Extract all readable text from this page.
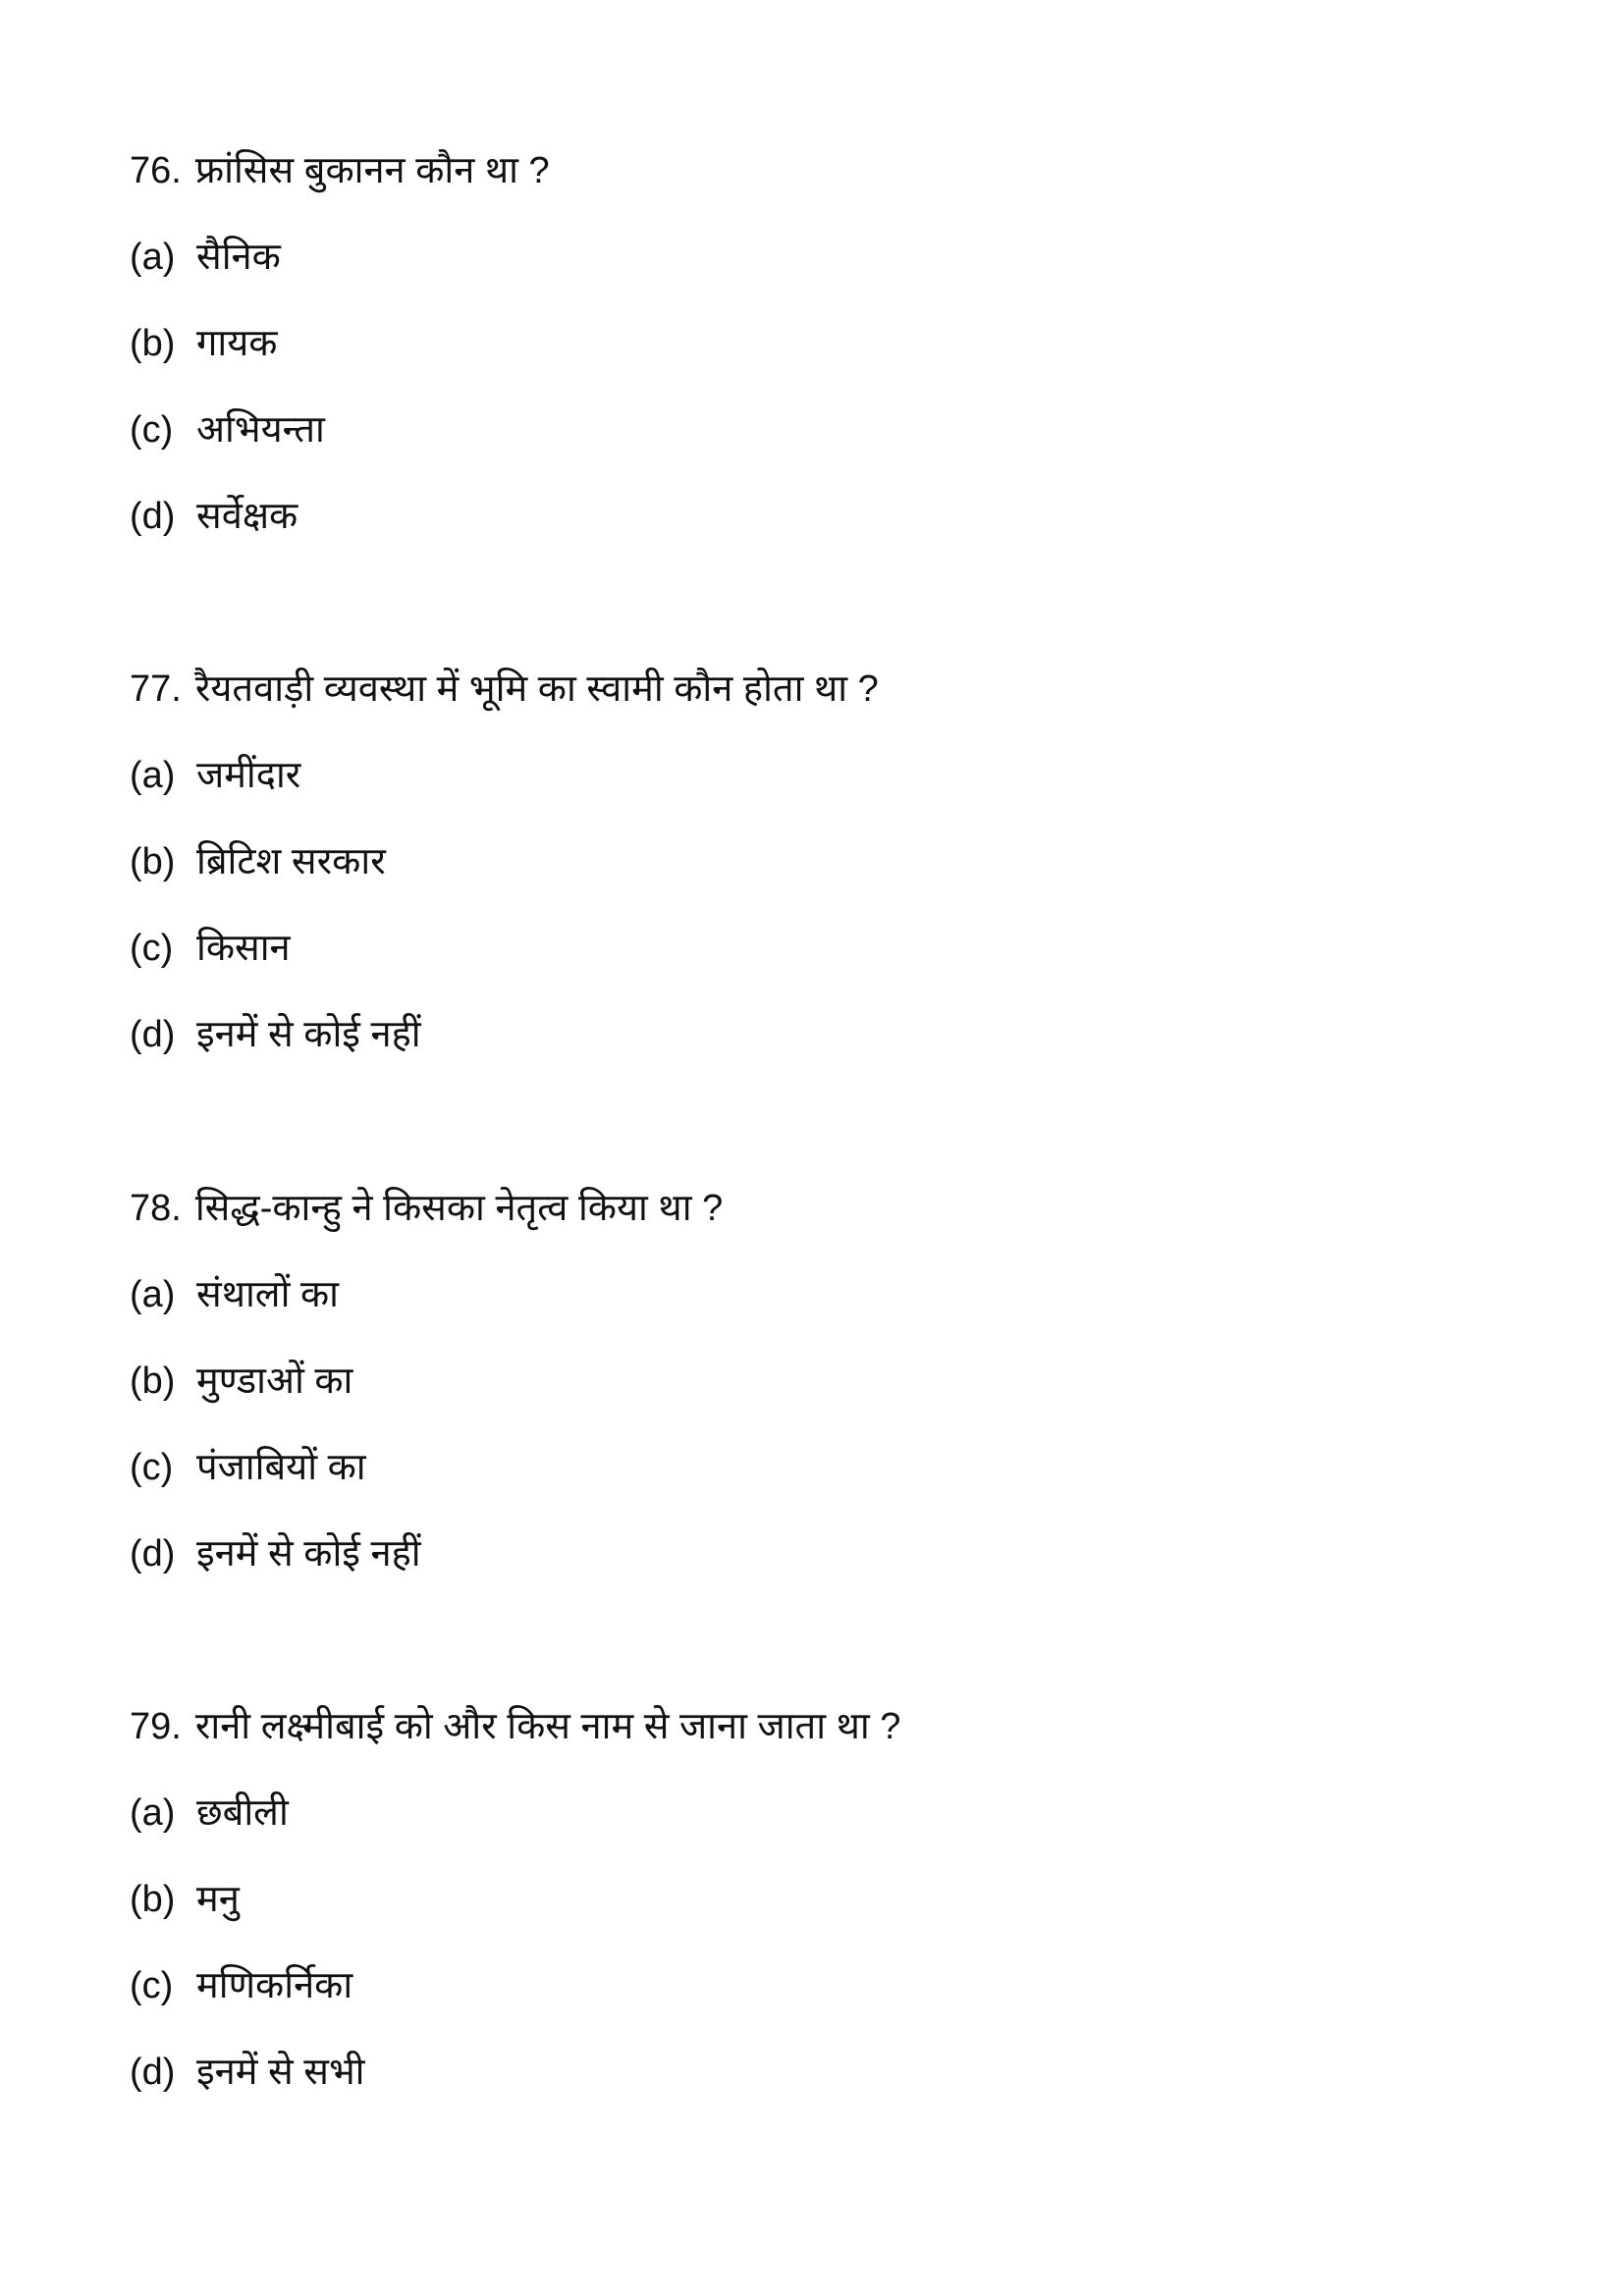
76. फ्रांसिस बुकानन कौन था ?
(a) सैनिक
(b) गायक
(c) अभियन्ता
(d) सर्वेक्षक
77. रैयतवाड़ी व्यवस्था में भूमि का स्वामी कौन होता था ?
(a) जमींदार
(b) ब्रिटिश सरकार
(c) किसान
(d) इनमें से कोई नहीं
78. सिद्ध-कान्हु ने किसका नेतृत्व किया था ?
(a) संथालों का
(b) मुण्डाओं का
(c) पंजाबियों का
(d) इनमें से कोई नहीं
79. रानी लक्ष्मीबाई को और किस नाम से जाना जाता था ?
(a) छबीली
(b) मनु
(c) मणिकर्निका
(d) इनमें से सभी
